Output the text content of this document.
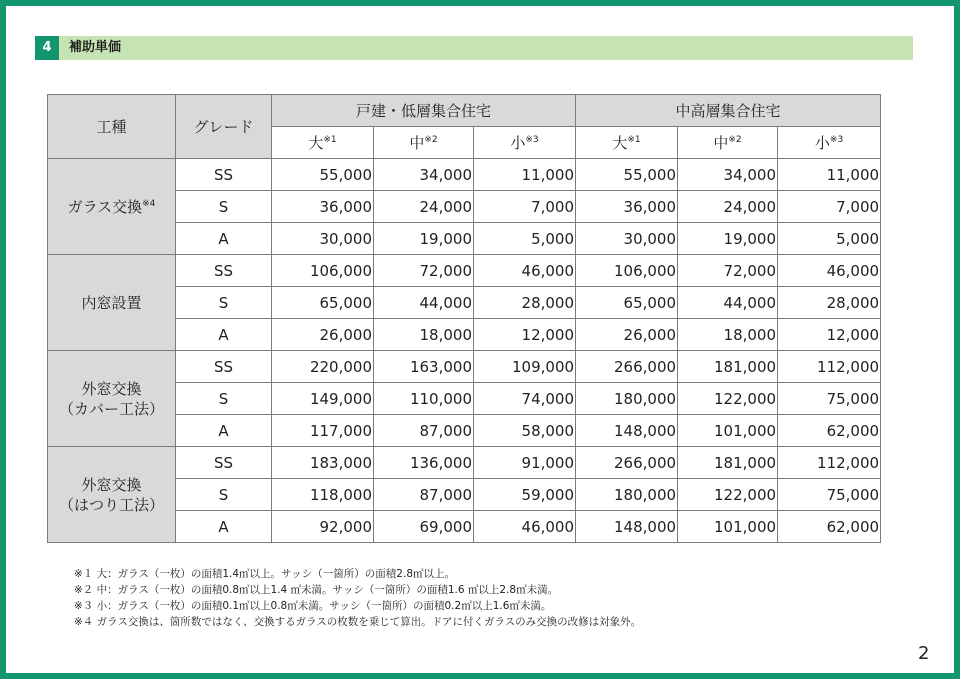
4	補助単価
工種	グレード	戸建・低層集合住宅			中高層集合住宅		
		大$^{※1}$	中$^{※2}$	小$^{※3}$	大$^{※1}$	中$^{※2}$	小$^{※3}$
ガラス交換$^{※4}$	SS	55,000	34,000	11,000	55,000	34,000	11,000
	S	36,000	24,000	7,000	36,000	24,000	7,000
	A	30,000	19,000	5,000	30,000	19,000	5,000
内窓設置	SS	106,000	72,000	46,000	106,000	72,000	46,000
	S	65,000	44,000	28,000	65,000	44,000	28,000
	A	26,000	18,000	12,000	26,000	18,000	12,000
外窓交換
（カバー工法）	SS	220,000	163,000	109,000	266,000	181,000	112,000
	S	149,000	110,000	74,000	180,000	122,000	75,000
	A	117,000	87,000	58,000	148,000	101,000	62,000
外窓交換
（はつり工法）	SS	183,000	136,000	91,000	266,000	181,000	112,000
	S	118,000	87,000	59,000	180,000	122,000	75,000
	A	92,000	69,000	46,000	148,000	101,000	62,000
※１ 大：ガラス（一枚）の面積1.4㎡以上。サッシ（一箇所）の面積2.8㎡以上。
※２ 中：ガラス（一枚）の面積0.8㎡以上1.4 ㎡未満。サッシ（一箇所）の面積1.6 ㎡以上2.8㎡未満。
※３ 小：ガラス（一枚）の面積0.1㎡以上0.8㎡未満。サッシ（一箇所）の面積0.2㎡以上1.6㎡未満。
※４ ガラス交換は、箇所数ではなく、交換するガラスの枚数を乗じて算出。ドアに付くガラスのみ交換の改修は対象外。
2
